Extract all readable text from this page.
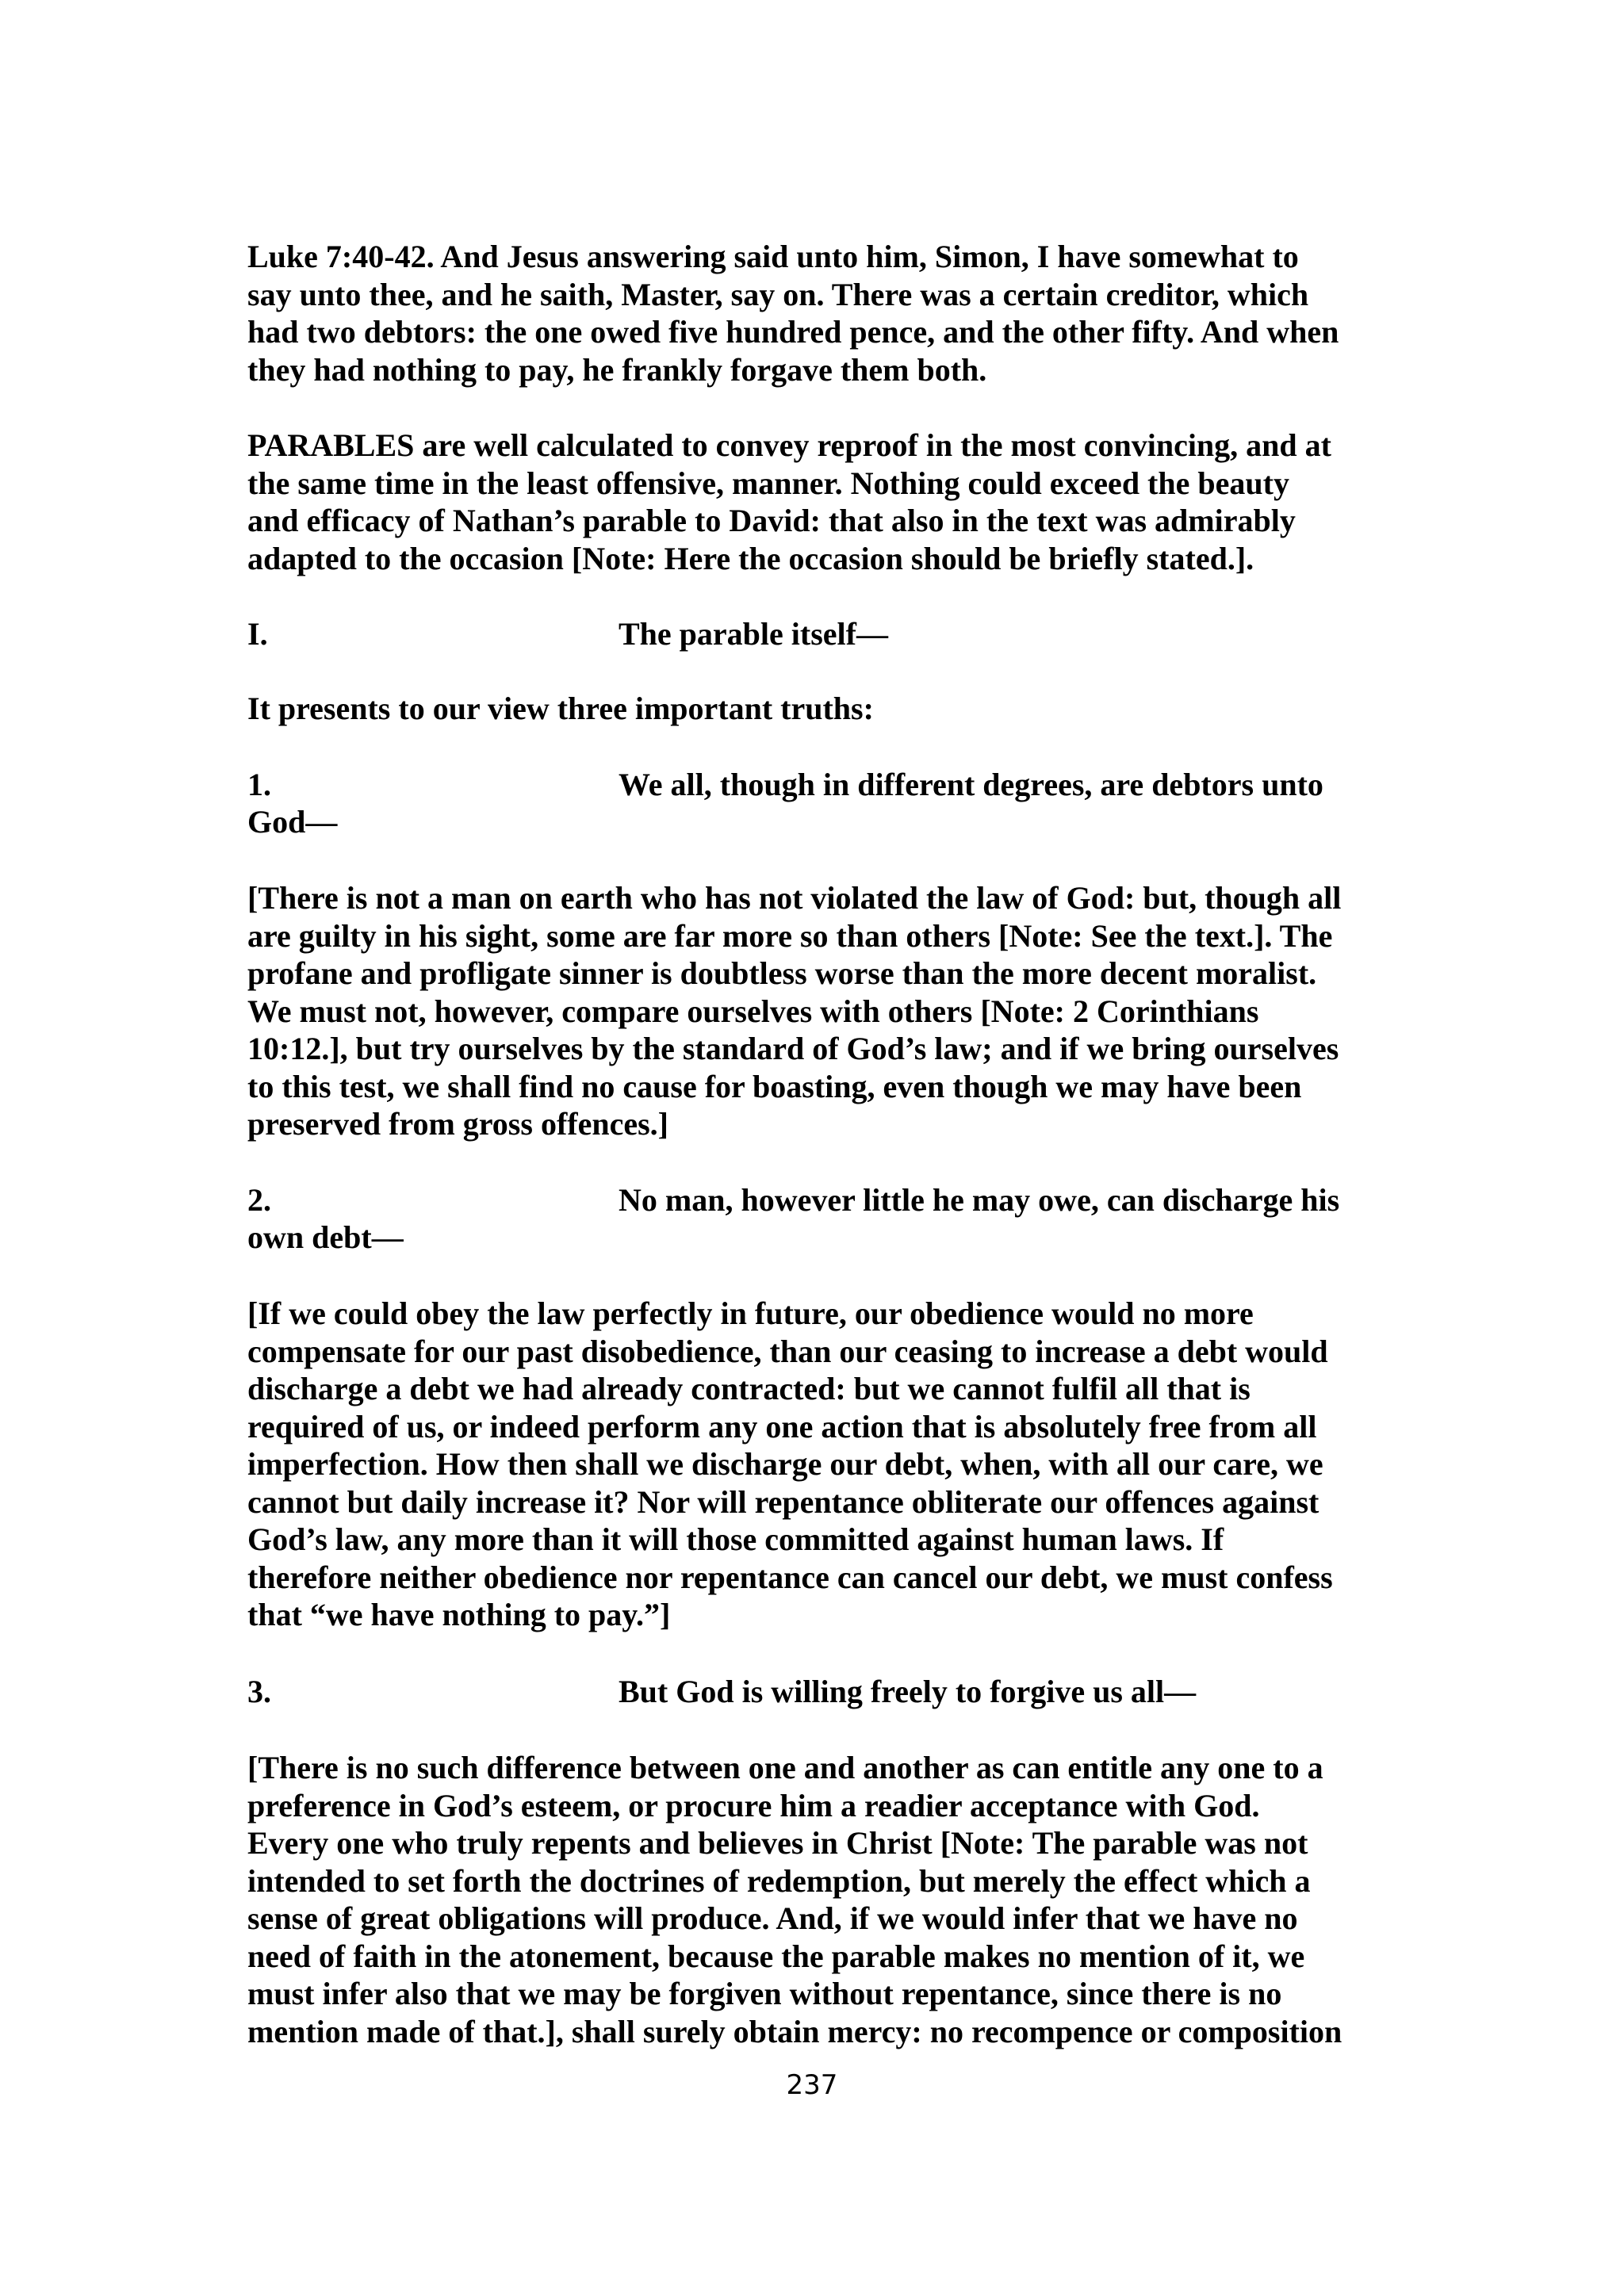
Luke 7:40-42. And Jesus answering said unto him, Simon, I have somewhat to
say unto thee, and he saith, Master, say on. There was a certain creditor, which
had two debtors: the one owed five hundred pence, and the other fifty. And when
they had nothing to pay, he frankly forgave them both.
PARABLES are well calculated to convey reproof in the most convincing, and at
the same time in the least offensive, manner. Nothing could exceed the beauty
and efficacy of Nathan’s parable to David: that also in the text was admirably
adapted to the occasion [Note: Here the occasion should be briefly stated.].
I.	The parable itself—
It presents to our view three important truths:
1.	We all, though in different degrees, are debtors unto
God—
[There is not a man on earth who has not violated the law of God: but, though all
are guilty in his sight, some are far more so than others [Note: See the text.]. The
profane and profligate sinner is doubtless worse than the more decent moralist.
We must not, however, compare ourselves with others [Note: 2 Corinthians
10:12.], but try ourselves by the standard of God’s law; and if we bring ourselves
to this test, we shall find no cause for boasting, even though we may have been
preserved from gross offences.]
2.	No man, however little he may owe, can discharge his
own debt—
[If we could obey the law perfectly in future, our obedience would no more
compensate for our past disobedience, than our ceasing to increase a debt would
discharge a debt we had already contracted: but we cannot fulfil all that is
required of us, or indeed perform any one action that is absolutely free from all
imperfection. How then shall we discharge our debt, when, with all our care, we
cannot but daily increase it? Nor will repentance obliterate our offences against
God’s law, any more than it will those committed against human laws. If
therefore neither obedience nor repentance can cancel our debt, we must confess
that “we have nothing to pay.”]
3.	But God is willing freely to forgive us all—
[There is no such difference between one and another as can entitle any one to a
preference in God’s esteem, or procure him a readier acceptance with God.
Every one who truly repents and believes in Christ [Note: The parable was not
intended to set forth the doctrines of redemption, but merely the effect which a
sense of great obligations will produce. And, if we would infer that we have no
need of faith in the atonement, because the parable makes no mention of it, we
must infer also that we may be forgiven without repentance, since there is no
mention made of that.], shall surely obtain mercy: no recompence or composition
237
